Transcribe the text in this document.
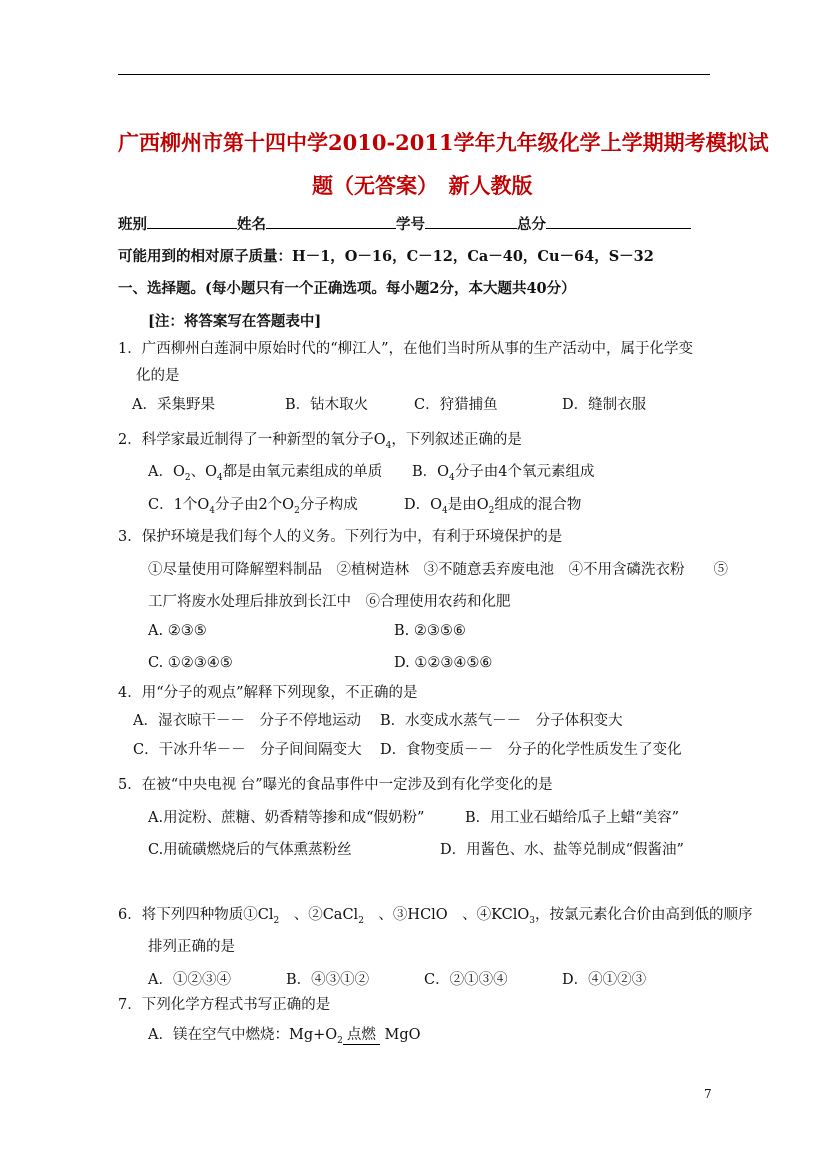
广西柳州市第十四中学2010-2011学年九年级化学上学期期考模拟试
题（无答案）　新人教版
班别	姓名	学号	总分
可能用到的相对原子质量：H－1，O－16，C－12，Ca－40，Cu－64，S－32
一、选择题。(每小题只有一个正确选项。每小题2分，本大题共40分）
[注：将答案写在答题表中]
1．广西柳州白莲洞中原始时代的“柳江人”，在他们当时所从事的生产活动中，属于化学变
化的是
A．采集野果	B．钻木取火	C．狩猎捕鱼	D．缝制衣服
2．科学家最近制得了一种新型的氧分子$O_4$，下列叙述正确的是
A．$O_2$、$O_4$都是由氧元素组成的单质 B．$O_4$分子由4个氧元素组成
C．1个$O_4$分子由2个$O_2$分子构成	D．$O_4$是由$O_2$组成的混合物
3．保护环境是我们每个人的义务。下列行为中，有利于环境保护的是
①尽量使用可降解塑料制品　②植树造林　③不随意丢弃废电池　④不用含磷洗衣粉　　⑤
工厂将废水处理后排放到长江中　⑥合理使用农药和化肥
A. ②③⑤	B. ②③⑤⑥
C. ①②③④⑤	D. ①②③④⑤⑥
4．用“分子的观点”解释下列现象，不正确的是
A．湿衣晾干－－　分子不停地运动 B．水变成水蒸气－－　分子体积变大
C．干冰升华－－　分子间间隔变大 D．食物变质－－　分子的化学性质发生了变化
5．在被“中央电视 台”曝光的食品事件中一定涉及到有化学变化的是
A.用淀粉、蔗糖、奶香精等掺和成“假奶粉”	B．用工业石蜡给瓜子上蜡“美容”
C.用硫磺燃烧后的气体熏蒸粉丝	D．用酱色、水、盐等兑制成“假酱油”
6．将下列四种物质$①Cl_2$　、②CaCl$_2$　、③HClO　、④KClO$_3$，按氯元素化合价由高到低的顺序
排列正确的是
A．①②③④	B．④③①②	C．②①③④	D．④①②③
7．下列化学方程式书写正确的是
A．镁在空气中燃烧：$Mg+O_2$ 点燃 MgO
7
